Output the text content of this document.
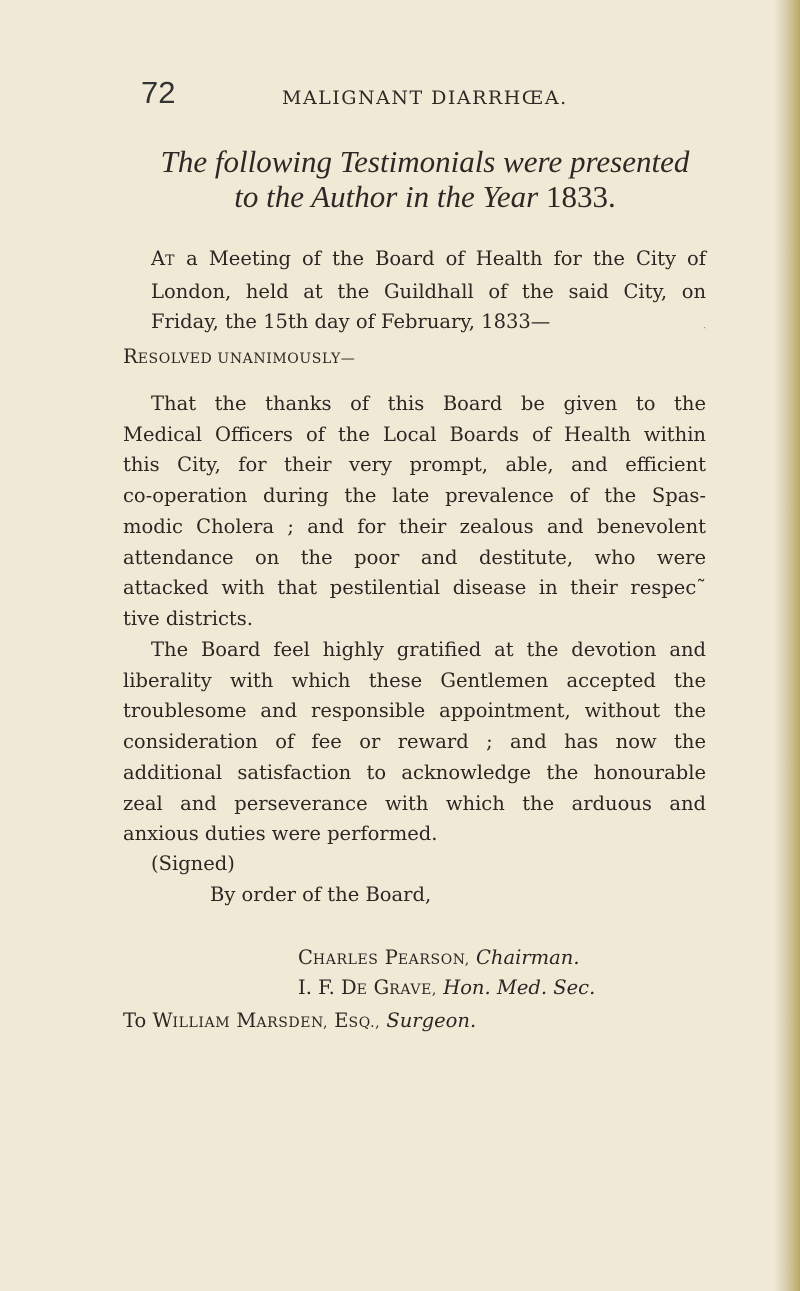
72	MALIGNANT DIARRHŒA.
The following Testimonials were presented
to the Author in the Year 1833.
AT a Meeting of the Board of Health for the City of
London, held at the Guildhall of the said City, on
Friday, the 15th day of February, 1833—	ˎ
RESOLVED UNANIMOUSLY—
That the thanks of this Board be given to the
Medical Officers of the Local Boards of Health within
this City, for their very prompt, able, and efficient
co-operation during the late prevalence of the Spas-
modic Cholera ; and for their zealous and benevolent
attendance on the poor and destitute, who were
attacked with that pestilential disease in their respec˜
tive districts.
The Board feel highly gratified at the devotion and
liberality with which these Gentlemen accepted the
troublesome and responsible appointment, without the
consideration of fee or reward ; and has now the
additional satisfaction to acknowledge the honourable
zeal and perseverance with which the arduous and
anxious duties were performed.
(Signed)
By order of the Board,
CHARLES PEARSON, Chairman.
I. F. DE GRAVE, Hon. Med. Sec.
To WILLIAM MARSDEN, ESQ., Surgeon.
